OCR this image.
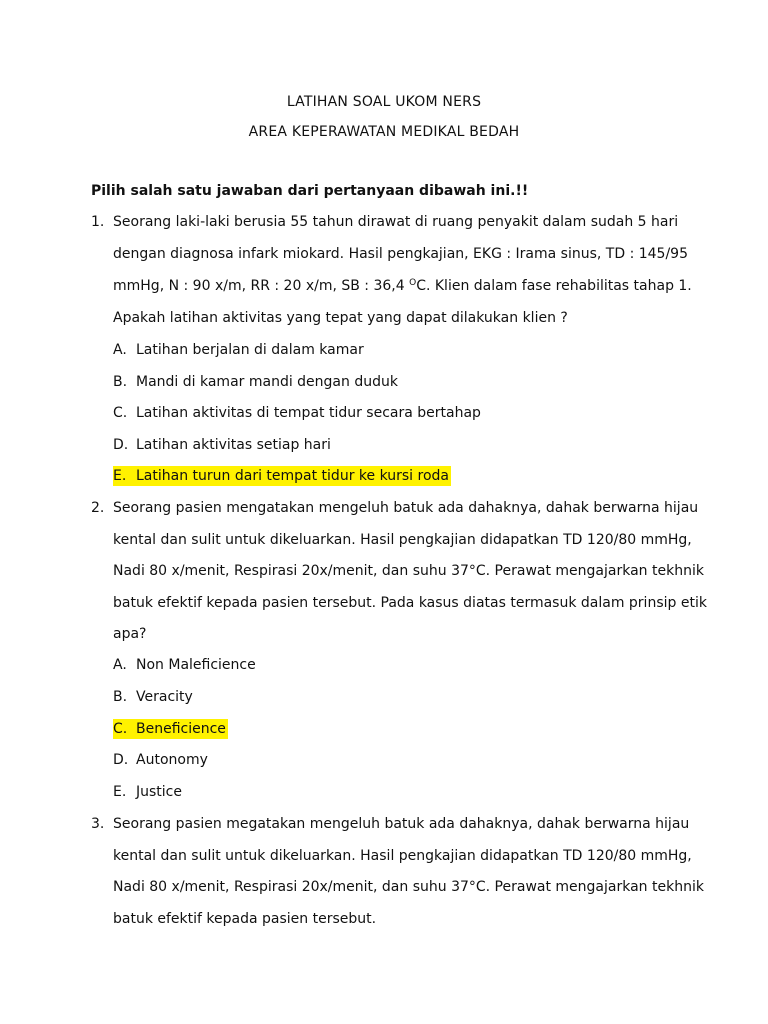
LATIHAN SOAL UKOM NERS
AREA KEPERAWATAN MEDIKAL BEDAH
Pilih salah satu jawaban dari pertanyaan dibawah ini.!!
1. Seorang laki-laki berusia 55 tahun dirawat di ruang penyakit dalam sudah 5 hari
dengan diagnosa infark miokard. Hasil pengkajian, EKG : Irama sinus, TD : 145/95
mmHg, N : 90 x/m, RR : 20 x/m, SB : 36,4 $^O$C. Klien dalam fase rehabilitas tahap 1.
Apakah latihan aktivitas yang tepat yang dapat dilakukan klien ?
A. Latihan berjalan di dalam kamar
B. Mandi di kamar mandi dengan duduk
C. Latihan aktivitas di tempat tidur secara bertahap
D. Latihan aktivitas setiap hari
E. Latihan turun dari tempat tidur ke kursi roda
2. Seorang pasien mengatakan mengeluh batuk ada dahaknya, dahak berwarna hijau
kental dan sulit untuk dikeluarkan. Hasil pengkajian didapatkan TD 120/80 mmHg,
Nadi 80 x/menit, Respirasi 20x/menit, dan suhu 37°C. Perawat mengajarkan tekhnik
batuk efektif kepada pasien tersebut. Pada kasus diatas termasuk dalam prinsip etik
apa?
A. Non Maleficience
B. Veracity
C. Beneficience
D. Autonomy
E. Justice
3. Seorang pasien megatakan mengeluh batuk ada dahaknya, dahak berwarna hijau
kental dan sulit untuk dikeluarkan. Hasil pengkajian didapatkan TD 120/80 mmHg,
Nadi 80 x/menit, Respirasi 20x/menit, dan suhu 37°C. Perawat mengajarkan tekhnik
batuk efektif kepada pasien tersebut.
